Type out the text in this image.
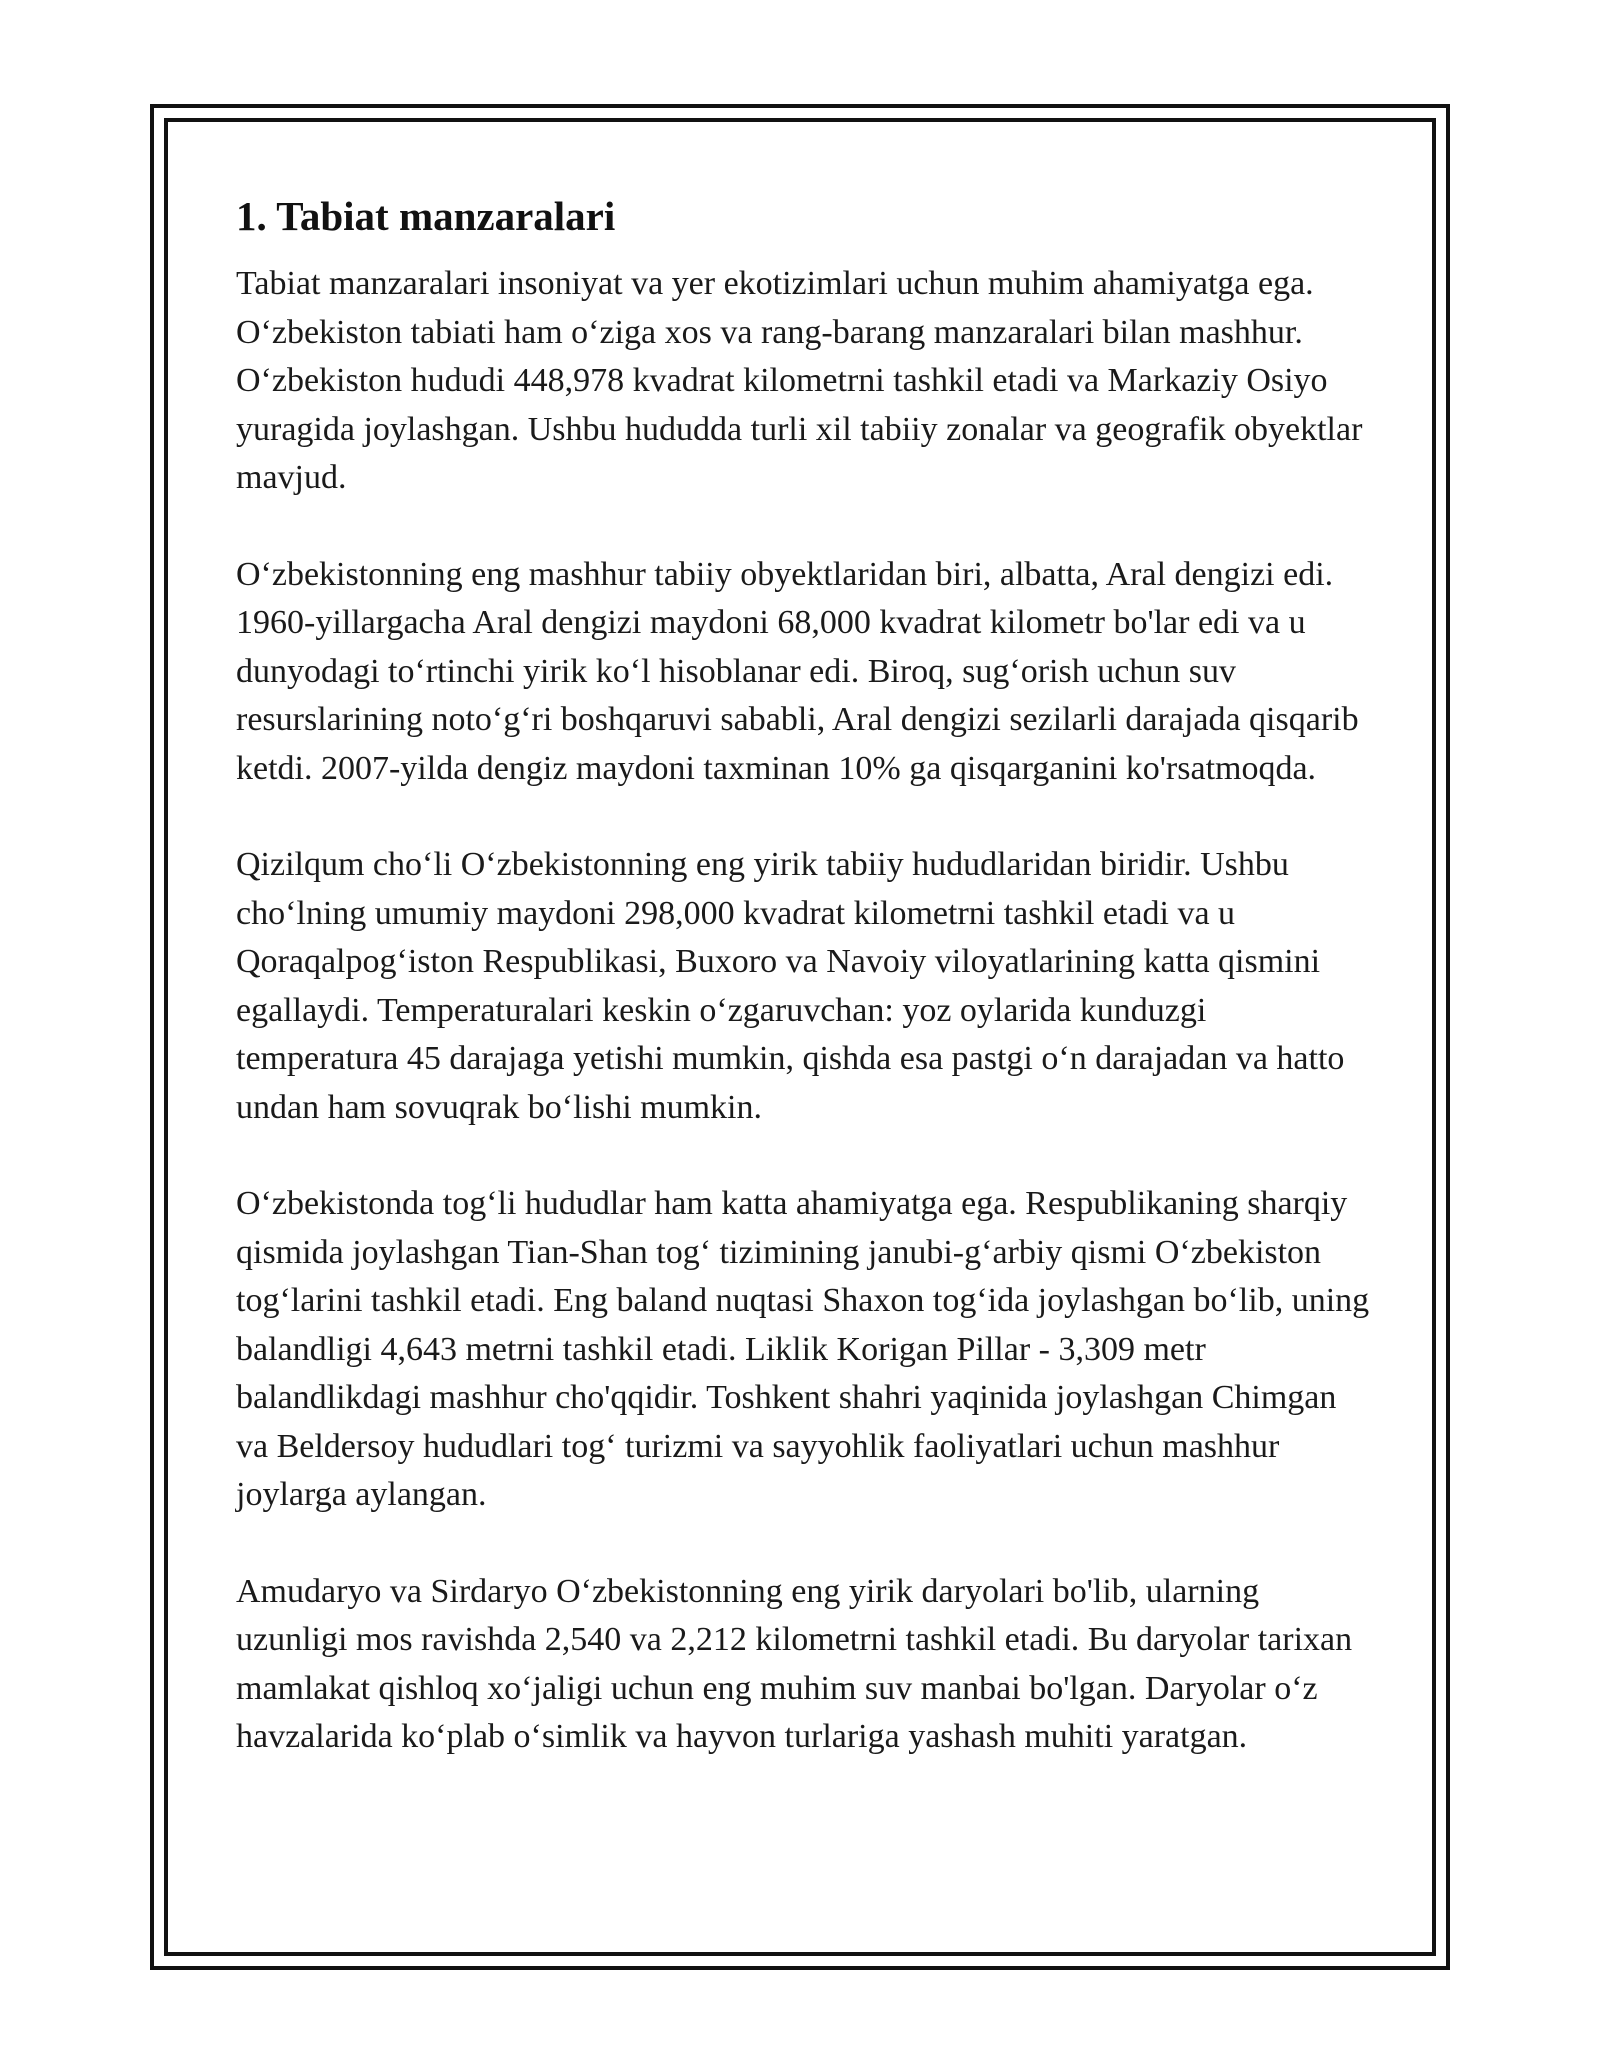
1. Tabiat manzaralari

Tabiat manzaralari insoniyat va yer ekotizimlari uchun muhim ahamiyatga ega. O‘zbekiston tabiati ham o‘ziga xos va rang-barang manzaralari bilan mashhur. O‘zbekiston hududi 448,978 kvadrat kilometrni tashkil etadi va Markaziy Osiyo yuragida joylashgan. Ushbu hududda turli xil tabiiy zonalar va geografik obyektlar mavjud.

O‘zbekistonning eng mashhur tabiiy obyektlaridan biri, albatta, Aral dengizi edi. 1960-yillargacha Aral dengizi maydoni 68,000 kvadrat kilometr bo'lar edi va u dunyodagi to‘rtinchi yirik ko‘l hisoblanar edi. Biroq, sug‘orish uchun suv resurslarining noto‘g‘ri boshqaruvi sababli, Aral dengizi sezilarli darajada qisqarib ketdi. 2007-yilda dengiz maydoni taxminan 10% ga qisqarganini ko'rsatmoqda.

Qizilqum cho‘li O‘zbekistonning eng yirik tabiiy hududlaridan biridir. Ushbu cho‘lning umumiy maydoni 298,000 kvadrat kilometrni tashkil etadi va u Qoraqalpog‘iston Respublikasi, Buxoro va Navoiy viloyatlarining katta qismini egallaydi. Temperaturalari keskin o‘zgaruvchan: yoz oylarida kunduzgi temperatura 45 darajaga yetishi mumkin, qishda esa pastgi o‘n darajadan va hatto undan ham sovuqrak bo‘lishi mumkin.

O‘zbekistonda tog‘li hududlar ham katta ahamiyatga ega. Respublikaning sharqiy qismida joylashgan Tian-Shan tog‘ tizimining janubi-g‘arbiy qismi O‘zbekiston tog‘larini tashkil etadi. Eng baland nuqtasi Shaxon tog‘ida joylashgan bo‘lib, uning balandligi 4,643 metrni tashkil etadi. Liklik Korigan Pillar - 3,309 metr balandlikdagi mashhur cho'qqidir. Toshkent shahri yaqinida joylashgan Chimgan va Beldersoy hududlari tog‘ turizmi va sayyohlik faoliyatlari uchun mashhur joylarga aylangan.

Amudaryo va Sirdaryo O‘zbekistonning eng yirik daryolari bo'lib, ularning uzunligi mos ravishda 2,540 va 2,212 kilometrni tashkil etadi. Bu daryolar tarixan mamlakat qishloq xo‘jaligi uchun eng muhim suv manbai bo'lgan. Daryolar o‘z havzalarida ko‘plab o‘simlik va hayvon turlariga yashash muhiti yaratgan.
